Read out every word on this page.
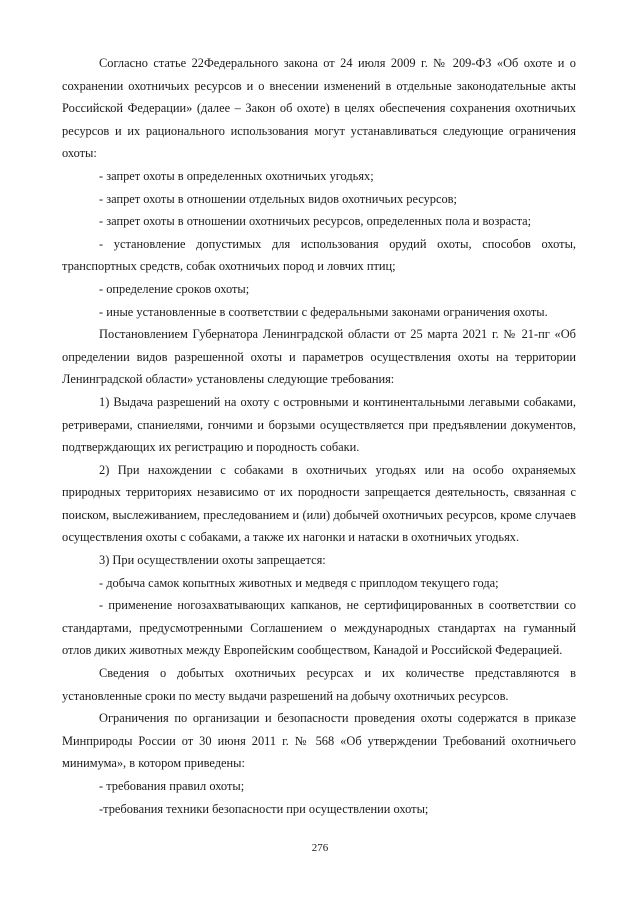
Согласно статье 22Федерального закона от 24 июля 2009 г. № 209-ФЗ «Об охоте и о сохранении охотничьих ресурсов и о внесении изменений в отдельные законодательные акты Российской Федерации» (далее – Закон об охоте) в целях обеспечения сохранения охотничьих ресурсов и их рационального использования могут устанавливаться следующие ограничения охоты:

- запрет охоты в определенных охотничьих угодьях;

- запрет охоты в отношении отдельных видов охотничьих ресурсов;

- запрет охоты в отношении охотничьих ресурсов, определенных пола и возраста;

- установление допустимых для использования орудий охоты, способов охоты, транспортных средств, собак охотничьих пород и ловчих птиц;

- определение сроков охоты;

- иные установленные в соответствии с федеральными законами ограничения охоты.

Постановлением Губернатора Ленинградской области от 25 марта 2021 г. № 21-пг «Об определении видов разрешенной охоты и параметров осуществления охоты на территории Ленинградской области» установлены следующие требования:

1) Выдача разрешений на охоту с островными и континентальными легавыми собаками, ретриверами, спаниелями, гончими и борзыми осуществляется при предъявлении документов, подтверждающих их регистрацию и породность собаки.

2) При нахождении с собаками в охотничьих угодьях или на особо охраняемых природных территориях независимо от их породности запрещается деятельность, связанная с поиском, выслеживанием, преследованием и (или) добычей охотничьих ресурсов, кроме случаев осуществления охоты с собаками, а также их нагонки и натаски в охотничьих угодьях.

3) При осуществлении охоты запрещается:

- добыча самок копытных животных и медведя с приплодом текущего года;

- применение ногозахватывающих капканов, не сертифицированных в соответствии со стандартами, предусмотренными Соглашением о международных стандартах на гуманный отлов диких животных между Европейским сообществом, Канадой и Российской Федерацией.

Сведения о добытых охотничьих ресурсах и их количестве представляются в установленные сроки по месту выдачи разрешений на добычу охотничьих ресурсов.

Ограничения по организации и безопасности проведения охоты содержатся в приказе Минприроды России от 30 июня 2011 г. № 568 «Об утверждении Требований охотничьего минимума», в котором приведены:

- требования правил охоты;

-требования техники безопасности при осуществлении охоты;

276
